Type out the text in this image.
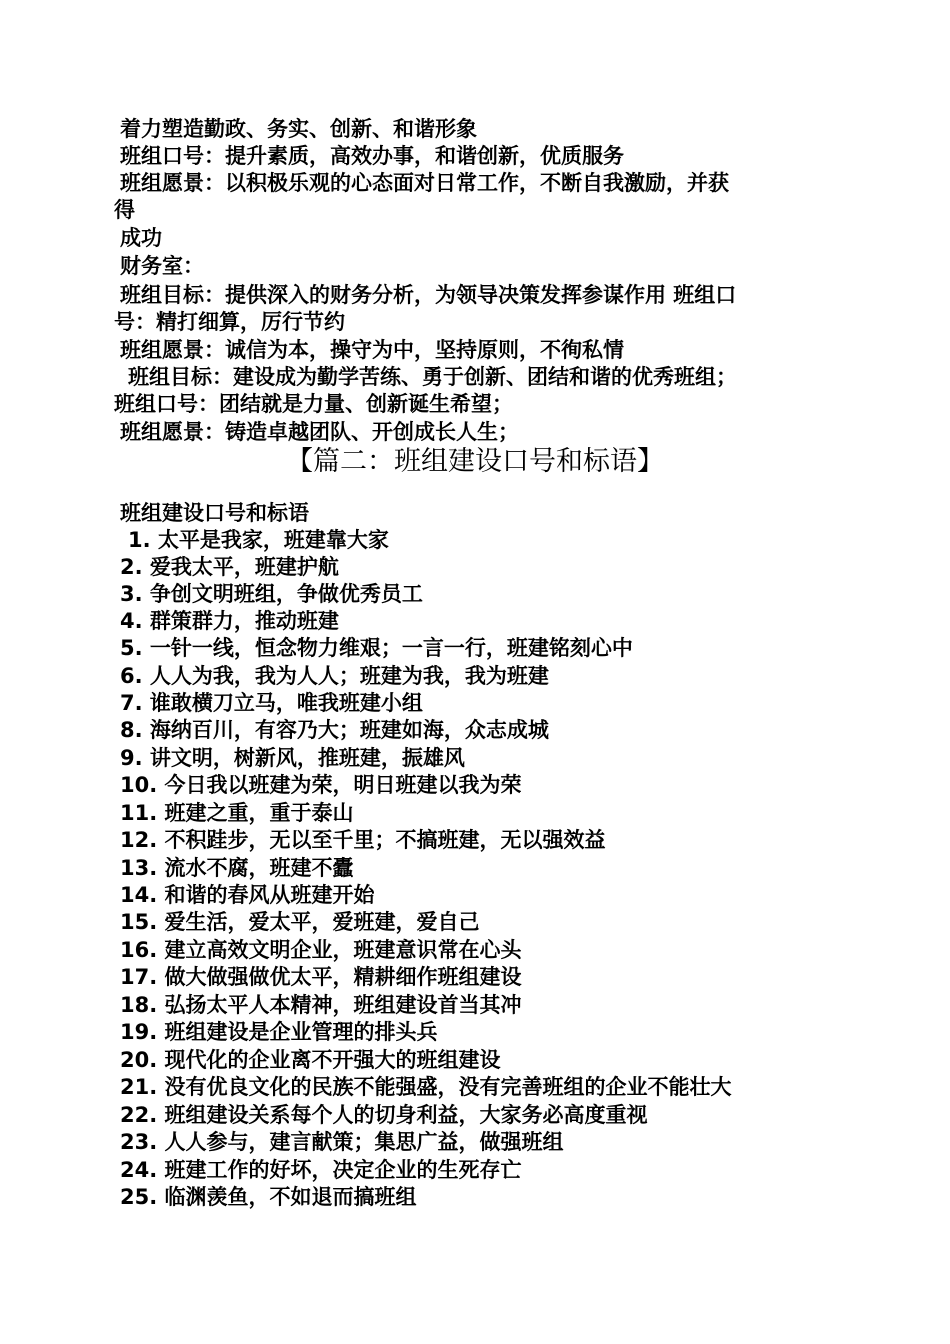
着力塑造勤政、务实、创新、和谐形象
班组口号：提升素质，高效办事，和谐创新，优质服务
班组愿景：以积极乐观的心态面对日常工作，不断自我激励，并获
得
成功
财务室：
班组目标：提供深入的财务分析，为领导决策发挥参谋作用 班组口
号：精打细算，厉行节约
班组愿景：诚信为本，操守为中，坚持原则，不徇私情
班组目标：建设成为勤学苦练、勇于创新、团结和谐的优秀班组；
班组口号：团结就是力量、创新诞生希望；
班组愿景：铸造卓越团队、开创成长人生；
【篇二：班组建设口号和标语】
班组建设口号和标语
1. 太平是我家，班建靠大家
2. 爱我太平，班建护航
3. 争创文明班组，争做优秀员工
4. 群策群力，推动班建
5. 一针一线，恒念物力维艰；一言一行，班建铭刻心中
6. 人人为我，我为人人；班建为我，我为班建
7. 谁敢横刀立马，唯我班建小组
8. 海纳百川，有容乃大；班建如海，众志成城
9. 讲文明，树新风，推班建，振雄风
10. 今日我以班建为荣，明日班建以我为荣
11. 班建之重，重于泰山
12. 不积跬步，无以至千里；不搞班建，无以强效益
13. 流水不腐，班建不蠹
14. 和谐的春风从班建开始
15. 爱生活，爱太平，爱班建，爱自己
16. 建立高效文明企业，班建意识常在心头
17. 做大做强做优太平，精耕细作班组建设
18. 弘扬太平人本精神，班组建设首当其冲
19. 班组建设是企业管理的排头兵
20. 现代化的企业离不开强大的班组建设
21. 没有优良文化的民族不能强盛，没有完善班组的企业不能壮大
22. 班组建设关系每个人的切身利益，大家务必高度重视
23. 人人参与，建言献策；集思广益，做强班组
24. 班建工作的好坏，决定企业的生死存亡
25. 临渊羡鱼，不如退而搞班组
